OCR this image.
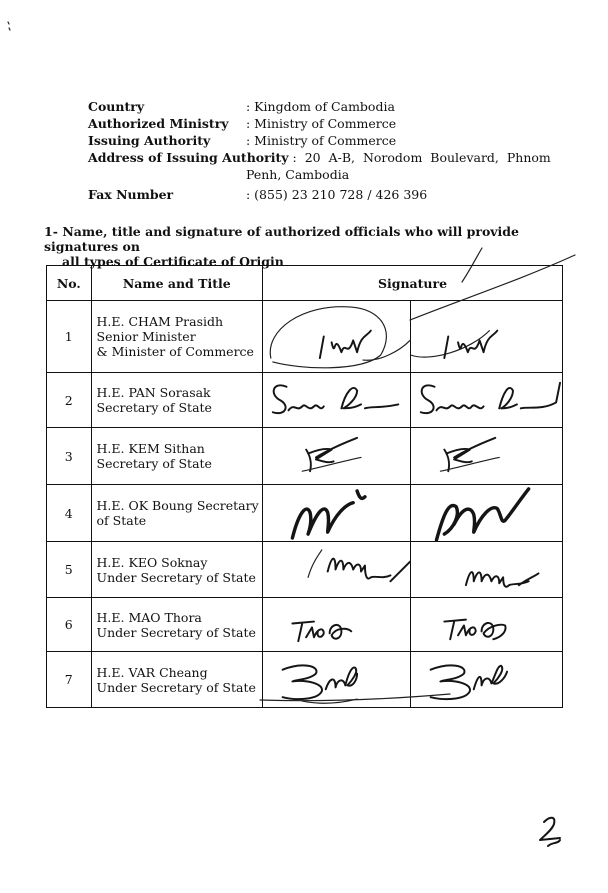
Country	: Kingdom of Cambodia
Authorized Ministry	: Ministry of Commerce
Issuing Authority	: Ministry of Commerce
Address of Issuing Authority : 20 A-B, Norodom Boulevard, Phnom
Penh, Cambodia
Fax Number	: (855) 23 210 728 / 426 396
1- Name, title and signature of authorized officials who will provide signatures on
all types of Certificate of Origin
No.	Name and Title	Signature	
1	H.E. CHAM Prasidh
Senior Minister
& Minister of Commerce

2	H.E. PAN Sorasak
Secretary of State

3	H.E. KEM Sithan
Secretary of State

4	H.E. OK Boung Secretary
of State

5	H.E. KEO Soknay
Under Secretary of State

6	H.E. MAO Thora
Under Secretary of State

7	H.E. VAR Cheang
Under Secretary of State
